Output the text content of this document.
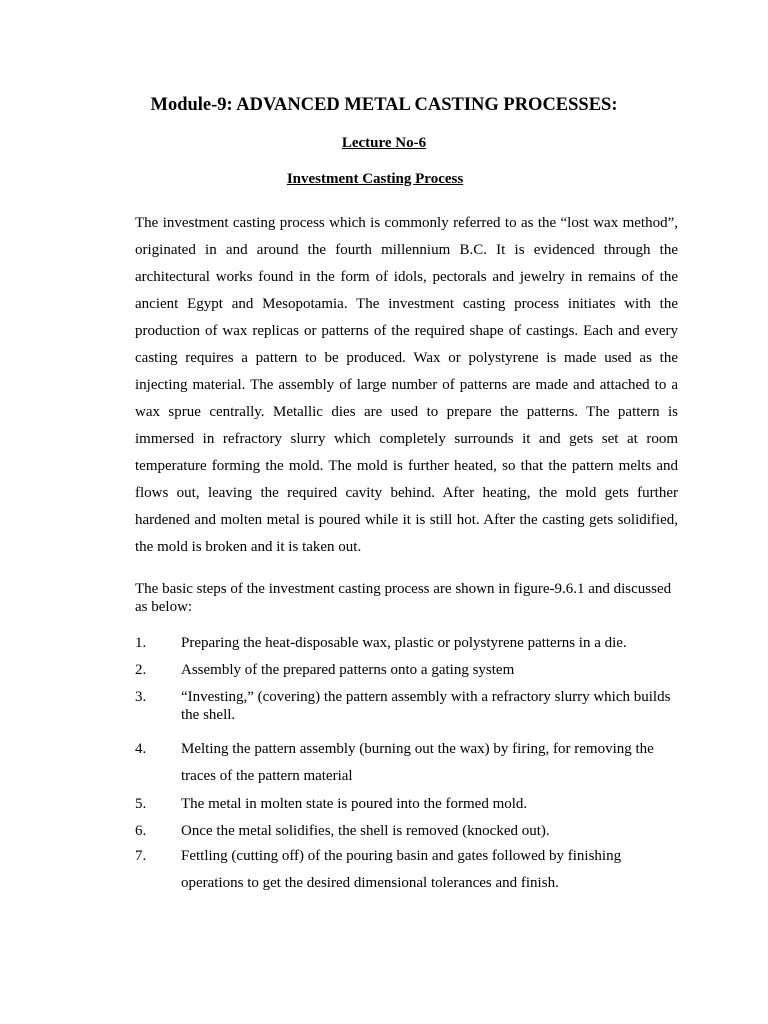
Module-9: ADVANCED METAL CASTING PROCESSES:
Lecture No-6
Investment Casting Process

The investment casting process which is commonly referred to as the “lost wax method”, originated in and around the fourth millennium B.C. It is evidenced through the architectural works found in the form of idols, pectorals and jewelry in remains of the ancient Egypt and Mesopotamia. The investment casting process initiates with the production of wax replicas or patterns of the required shape of castings. Each and every casting requires a pattern to be produced. Wax or polystyrene is made used as the injecting material. The assembly of large number of patterns are made and attached to a wax sprue centrally. Metallic dies are used to prepare the patterns. The pattern is immersed in refractory slurry which completely surrounds it and gets set at room temperature forming the mold. The mold is further heated, so that the pattern melts and flows out, leaving the required cavity behind. After heating, the mold gets further hardened and molten metal is poured while it is still hot. After the casting gets solidified, the mold is broken and it is taken out.

The basic steps of the investment casting process are shown in figure-9.6.1 and discussed as below:

1.	Preparing the heat-disposable wax, plastic or polystyrene patterns in a die.
2.	Assembly of the prepared patterns onto a gating system
3.	“Investing,” (covering) the pattern assembly with a refractory slurry which builds the shell.
4.	Melting the pattern assembly (burning out the wax) by firing, for removing the traces of the pattern material
5.	The metal in molten state is poured into the formed mold.
6.	Once the metal solidifies, the shell is removed (knocked out).
7.	Fettling (cutting off) of the pouring basin and gates followed by finishing operations to get the desired dimensional tolerances and finish.
